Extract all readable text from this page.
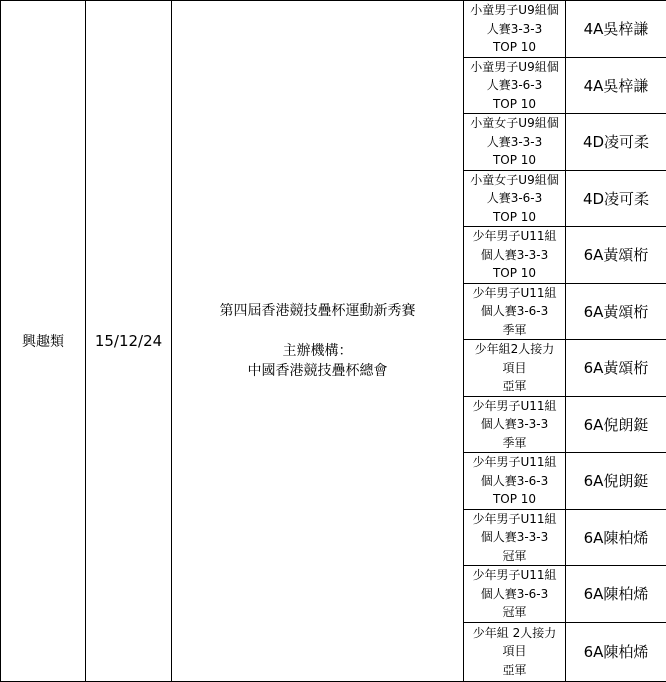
興趣類	15/12/24	第四屆香港競技疊杯運動新秀賽
主辦機構：
中國香港競技疊杯總會	小童男子U9組個
人賽3-3-3
TOP 10	4A吳梓謙
			小童男子U9組個
人賽3-6-3
TOP 10	4A吳梓謙
			小童女子U9組個
人賽3-3-3
TOP 10	4D凌可柔
			小童女子U9組個
人賽3-6-3
TOP 10	4D凌可柔
			少年男子U11組
個人賽3-3-3
TOP 10	6A黃頌桁
			少年男子U11組
個人賽3-6-3
季軍	6A黃頌桁
			少年組2人接力
項目
亞軍	6A黃頌桁
			少年男子U11組
個人賽3-3-3
季軍	6A倪朗鋌
			少年男子U11組
個人賽3-6-3
TOP 10	6A倪朗鋌
			少年男子U11組
個人賽3-3-3
冠軍	6A陳柏烯
			少年男子U11組
個人賽3-6-3
冠軍	6A陳柏烯
			少年組 2人接力
項目
亞軍	6A陳柏烯
